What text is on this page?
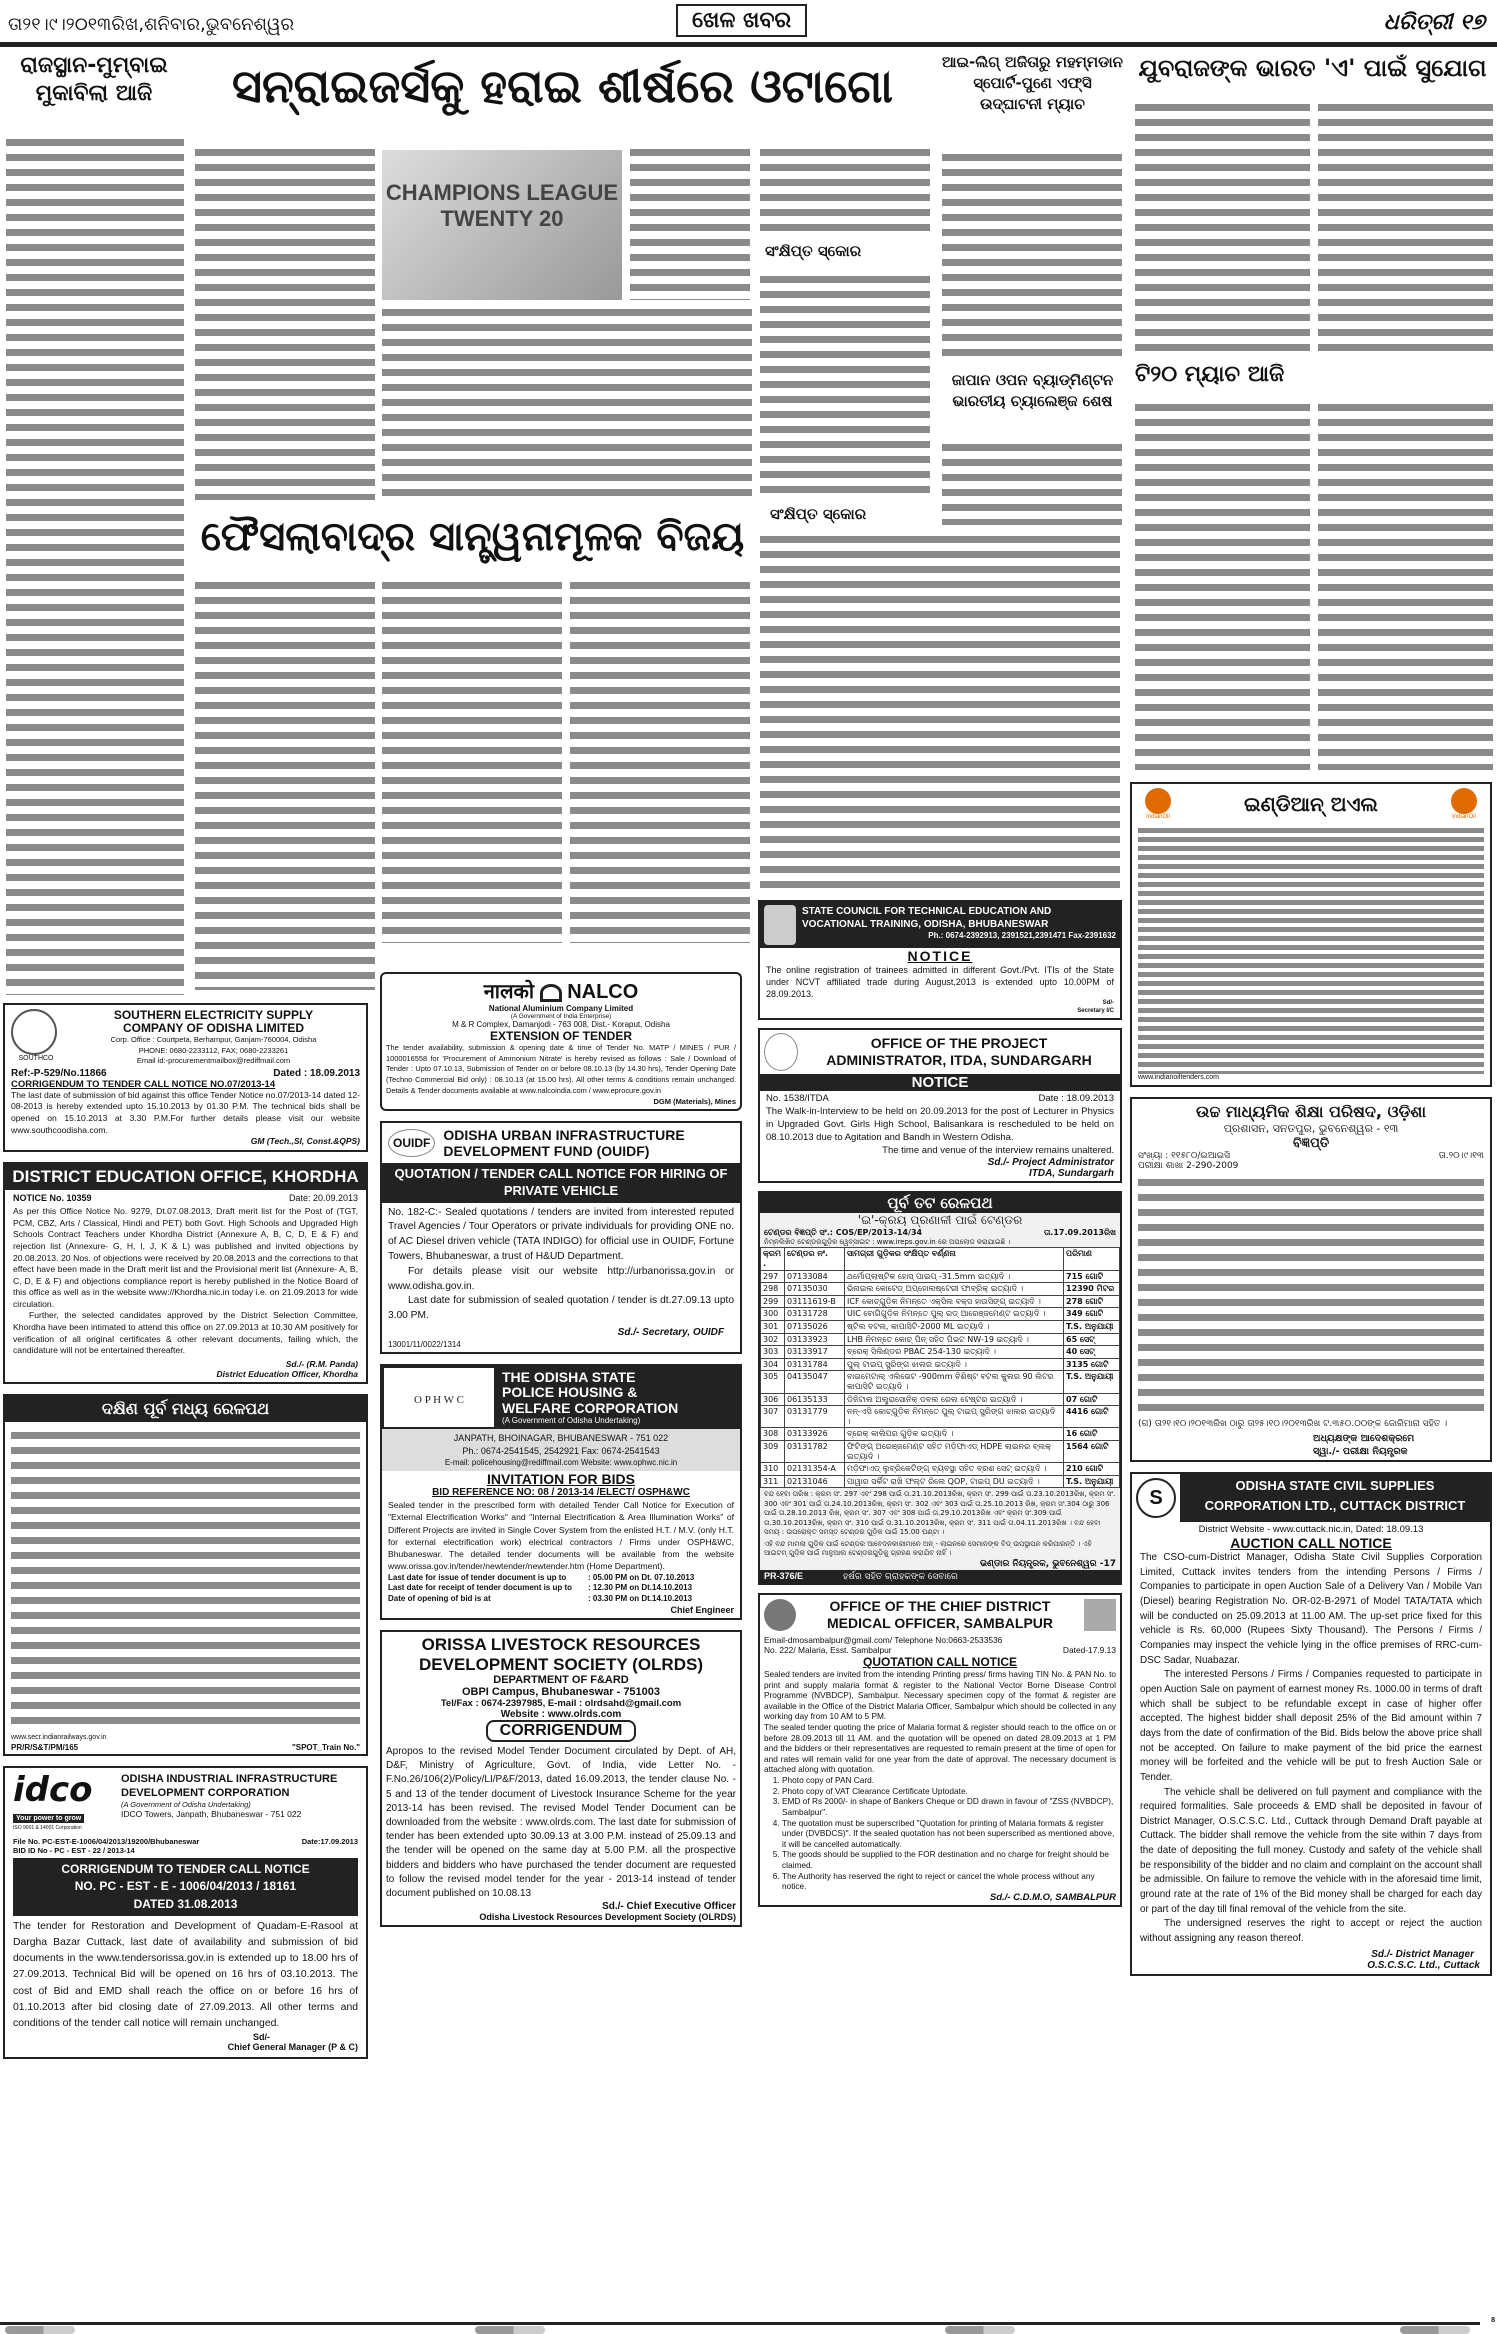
ତା୨୧।୯।୨୦୧୩ରିଖ,ଶନିବାର,ଭୁବନେଶ୍ୱର	ଖେଳ ଖବର	ଧରିତ୍ରୀ ୧୭
ରାଜସ୍ଥାନ-ମୁମ୍ବାଇ ମୁକାବିଲା ଆଜି	ସନ୍‌ରାଇଜର୍ସକୁ ହରାଇ ଶୀର୍ଷରେ ଓଟାଗୋ
CHAMPIONS LEAGUE TWENTY 20
ସଂକ୍ଷିପ୍ତ ସ୍କୋର
ଫୈସଲାବାଦ୍‌ର ସାନ୍ତ୍ୱନାମୂଳକ ବିଜୟ	ସଂକ୍ଷିପ୍ତ ସ୍କୋର
ଆଇ-ଲିଗ୍ ଅଜିତାରୁ ମହମ୍ମଡାନ ସ୍ପୋର୍ଟି-ପୁଣେ ଏଫ୍‌ସି ଉଦ୍‌ଘାଟନୀ ମ୍ୟାଚ
ଜାପାନ ଓପନ ବ୍ୟାଡ୍‌ମିଣ୍ଟନ ଭାରତୀୟ ଚ୍ୟାଲେଞ୍ଜ ଶେଷ
ଯୁବରାଜଙ୍କ ଭାରତ 'ଏ' ପାଇଁ ସୁଯୋଗ
ଟି୨୦ ମ୍ୟାଚ ଆଜି
SOUTHCO
SOUTHERN ELECTRICITY SUPPLY
COMPANY OF ODISHA LIMITED
Corp. Office : Courtpeta, Berhampur, Ganjam-760004, Odisha
PHONE: 0680-2233112, FAX; 0680-2233261
Email id:-procurementmailbox@rediffmail.com
Ref:-P-529/No.11866	Dated : 18.09.2013
CORRIGENDUM TO TENDER CALL NOTICE NO.07/2013-14
The last date of submission of bid against this office Tender Notice no.07/2013-14 dated 12-08-2013 is hereby extended upto 15.10.2013 by 01.30 P.M. The technical bids shall be opened on 15.10.2013 at 3.30 P.M.For further details please visit our website www.southcoodisha.com.
GM (Tech.,SI, Const.&QPS)
DISTRICT EDUCATION OFFICE, KHORDHA
NOTICE No. 10359	Date: 20.09.2013
As per this Office Notice No. 9279, Dt.07.08.2013, Draft merit list for the Post of (TGT, PCM, CBZ, Arts / Classical, Hindi and PET) both Govt. High Schools and Upgraded High Schools Contract Teachers under Khordha District (Annexure A, B, C, D, E & F) and rejection list (Annexure- G, H, I, J, K & L) was published and invited objections by 20.08.2013. 20 Nos. of objections were received by 20.08.2013 and the corrections to that effect have been made in the Draft merit list and the Provisional merit list (Annexure- A, B, C, D, E & F) and objections compliance report is hereby published in the Notice Board of this office as well as in the website www://Khordha.nic.in today i.e. on 21.09.2013 for wide circulation.
Further, the selected candidates approved by the District Selection Committee, Khordha have been intimated to attend this office on 27.09.2013 at 10.30 AM positively for verification of all original certificates & other relevant documents, failing which, the candidature will not be entertained thereafter.
Sd./- (R.M. Panda)
District Education Officer, Khordha
ଦକ୍ଷିଣ ପୂର୍ବ ମଧ୍ୟ ରେଳପଥ
www.secr.indianrailways.gov.in
PR/R/S&T/PM/165	"SPOT_Train No."
idco
Your power to grow
ISO 9001 & 14001 Corporation
ODISHA INDUSTRIAL INFRASTRUCTURE
DEVELOPMENT CORPORATION
(A Government of Odisha Undertaking)
IDCO Towers, Janpath, Bhubaneswar - 751 022
File No. PC-EST-E-1006/04/2013/19200/Bhubaneswar	Date:17.09.2013
BID ID No - PC - EST - 22 / 2013-14
CORRIGENDUM TO TENDER CALL NOTICE
NO. PC - EST - E - 1006/04/2013 / 18161
DATED 31.08.2013
The tender for Restoration and Development of Quadam-E-Rasool at Dargha Bazar Cuttack, last date of availability and submission of bid documents in the www.tendersorissa.gov.in is extended up to 18.00 hrs of 27.09.2013. Technical Bid will be opened on 16 hrs of 03.10.2013. The cost of Bid and EMD shall reach the office on or before 16 hrs of 01.10.2013 after bid closing date of 27.09.2013. All other terms and conditions of the tender call notice will remain unchanged.
Sd/-
Chief General Manager (P & C)
नालको NALCO
National Aluminium Company Limited
(A Government of India Enterprise)
M & R Complex, Damanjodi - 763 008, Dist.- Koraput, Odisha
EXTENSION OF TENDER
The tender availability, submission & opening date & time of Tender No. MATP / MINES / PUR / 1000016558 for 'Procurement of Ammonium Nitrate' is hereby revised as follows : Sale / Download of Tender : Upto 07.10.13, Submission of Tender on or before 08.10.13 (by 14.30 hrs), Tender Opening Date (Techno Commercial Bid only) : 08.10.13 (at 15.00 hrs). All other terms & conditions remain unchanged. Details & Tender documents available at www.nalcoindia.com / www.eprocure.gov.in
DGM (Materials), Mines
OUIDF
ODISHA URBAN INFRASTRUCTURE
DEVELOPMENT FUND (OUIDF)
QUOTATION / TENDER CALL NOTICE FOR HIRING OF PRIVATE VEHICLE
No. 182-C:- Sealed quotations / tenders are invited from interested reputed Travel Agencies / Tour Operators or private individuals for providing ONE no. of AC Diesel driven vehicle (TATA INDIGO) for official use in OUIDF, Fortune Towers, Bhubaneswar, a trust of H&UD Department.
For details please visit our website http://urbanorissa.gov.in or www.odisha.gov.in.
Last date for submission of sealed quotation / tender is dt.27.09.13 upto 3.00 PM.
Sd./- Secretary, OUIDF
13001/11/0022/1314
O P H W C
THE ODISHA STATE
POLICE HOUSING &
WELFARE CORPORATION
(A Government of Odisha Undertaking)
JANPATH, BHOINAGAR, BHUBANESWAR - 751 022
Ph.: 0674-2541545, 2542921 Fax: 0674-2541543
E-mail: policehousing@rediffmail.com Website: www.ophwc.nic.in
INVITATION FOR BIDS
BID REFERENCE NO: 08 / 2013-14 /ELECT/ OSPH&WC
Sealed tender in the prescribed form with detailed Tender Call Notice for Execution of "External Electrification Works" and "Internal Electrification & Area Illumination Works" of Different Projects are invited in Single Cover System from the enlisted H.T. / M.V. (only H.T. for external electrification work) electrical contractors / Firms under OSPH&WC, Bhubaneswar. The detailed tender documents will be available from the website www.orissa.gov.in/tender/newtender/newtender.htm (Home Department).
Last date for issue of tender document is up to	: 05.00 PM on Dt. 07.10.2013
Last date for receipt of tender document is up to	: 12.30 PM on Dt.14.10.2013
Date of opening of bid is at	: 03.30 PM on Dt.14.10.2013
Chief Engineer
ORISSA LIVESTOCK RESOURCES
DEVELOPMENT SOCIETY (OLRDS)
DEPARTMENT OF F&ARD
OBPI Campus, Bhubaneswar - 751003
Tel/Fax : 0674-2397985, E-mail : olrdsahd@gmail.com
Website : www.olrds.com
CORRIGENDUM
Apropos to the revised Model Tender Document circulated by Dept. of AH, D&F, Ministry of Agriculture, Govt. of India, vide Letter No. - F.No.26/106(2)/Policy/LI/P&F/2013, dated 16.09.2013, the tender clause No. - 5 and 13 of the tender document of Livestock Insurance Scheme for the year 2013-14 has been revised. The revised Model Tender Document can be downloaded from the website : www.olrds.com. The last date for submission of tender has been extended upto 30.09.13 at 3.00 P.M. instead of 25.09.13 and the tender will be opened on the same day at 5.00 P.M. all the prospective bidders and bidders who have purchased the tender document are requested to follow the revised model tender for the year - 2013-14 instead of tender document published on 10.08.13
Sd./- Chief Executive Officer
Odisha Livestock Resources Development Society (OLRDS)
STATE COUNCIL FOR TECHNICAL EDUCATION AND
VOCATIONAL TRAINING, ODISHA, BHUBANESWAR
Ph.: 0674-2392913, 2391521,2391471 Fax-2391632
NOTICE
The online registration of trainees admitted in different Govt./Pvt. ITIs of the State under NCVT affiliated trade during August,2013 is extended upto 10.00PM of 28.09.2013.
Sd/-
Secretary I/C
OFFICE OF THE PROJECT
ADMINISTRATOR, ITDA, SUNDARGARH
NOTICE
No. 1538/ITDA	Date : 18.09.2013
The Walk-in-Interview to be held on 20.09.2013 for the post of Lecturer in Physics in Upgraded Govt. Girls High School, Balisankara is rescheduled to be held on 08.10.2013 due to Agitation and Bandh in Western Odisha.
The time and venue of the interview remains unaltered.
Sd./- Project Administrator
ITDA, Sundargarh
ପୂର୍ବ ତଟ ରେଳପଥ
'ଇ'-କ୍ରୟ ପ୍ରଣାଳୀ ପାଇଁ ଟେଣ୍ଡର
ଟେଣ୍ଡର ବିଜ୍ଞପ୍ତି ସଂ.: COS/EP/2013-14/34	ତା.17.09.2013ରିଖ
ନିମ୍ନଲିଖିତ ଟେଣ୍ଡରଗୁଡ଼ିକ ୱେବ୍‌ସାଇଟ : www.ireps.gov.in ରେ ଅପଲୋଡ କରାଯାଇଛି ।
କ୍ରମ.	ଟେଣ୍ଡର ନଂ.	ସାମଗ୍ରୀ ଗୁଡ଼ିକର ସଂକ୍ଷିପ୍ତ ବର୍ଣ୍ଣନା	ପରିମାଣ
297	07133084	ଥର୍ମୋପ୍ଲାଷ୍ଟିକ ହୋସ୍ ପାଇପ୍ -31.5mm ଇତ୍ୟାଦି ।	715 ଗୋଟି
298	07135030	ଭିନାଇଲ କୋଟେଡ୍ ଅପ୍‌ହୋଲଷ୍ଟେରୀ ଫାବ୍ରିକ୍ ଇତ୍ୟାଦି ।	12390 ମିଟର
299	03111619-B	ICF କୋଚ୍‌ଗୁଡ଼ିକ ନିମନ୍ତେ ଏକ୍ସିଲ ବକ୍ସ ହାଉସିଙ୍ଗ୍ ଇତ୍ୟାଦି ।	278 ଗୋଟି
300	03131728	UIC ବୋଗିଗୁଡ଼ିକ ନିମନ୍ତେ ପୁଲ୍ ରଡ୍ ଆରେଞ୍ଜମେଣ୍ଟ ଇତ୍ୟାଦି ।	349 ଗୋଟି
301	07135026	ଷ୍ଟିଲ ବଟଲ, କାପାସିଟି-2000 ML ଇତ୍ୟାଦି ।	T.S. ଅନୁଯାୟୀ
302	03133923	LHB ନିମନ୍ତେ କୋଚ୍ ପିନ୍ ସହିତ ପିଭଟ NW-19 ଇତ୍ୟାଦି ।	65 ସେଟ୍
303	03133917	ବ୍ରେକ୍ ସିଲିଣ୍ଡର PBAC 254-130 ଇତ୍ୟାଦି ।	40 ସେଟ୍
304	03131784	ପୁଲ୍ ଟାଇପ୍ ସ୍ପ୍ରିଙ୍ଗ ଝାଲର ଇତ୍ୟାଦି ।	3135 ଗୋଟି
305	04135047	ବାଇମେଟାଲ୍ ଏଲିଭେଟ -900mm ବିଶିଷ୍ଟ ବଟଲ କୁଲର 90 ଲିଟର କାପାସିଟି ଇତ୍ୟାଦି ।	T.S. ଅନୁଯାୟୀ
306	06135133	ଡିଜିଟାଲ ଅଲ୍ଟ୍ରାସୋନିକ୍ ଡବଲ ରେଲ ଟେଷ୍ଟର ଇତ୍ୟାଦି ।	07 ଗୋଟି
307	03131779	ନନ୍-ଏସି କୋଚ୍‌ଗୁଡ଼ିକ ନିମନ୍ତେ ପୁଲ୍ ଟାଇପ୍ ସ୍ପ୍ରିଙ୍ଗ ଝାଲର ଇତ୍ୟାଦି ।	4416 ଗୋଟି
308	03133926	ବ୍ରେକ୍ କାଲିପର ଗୁଡ଼ିକ ଇତ୍ୟାଦି ।	16 ଗୋଟି
309	03131782	ଫିଟିଙ୍ଗ୍ ଅରେଞ୍ଜମେଣ୍ଟ ସହିତ ମଡ଼ିଫାଏଡ୍ HDPE ଲାଇନର ବ୍ଲକ୍ ଇତ୍ୟାଦି ।	1564 ଗୋଟି
310	02131354-A	ମଡ଼ିଫାଏଡ୍ ଲୁବ୍ରିକେଟିଙ୍ଗ୍ ବ୍ୟବସ୍ଥା ସହିତ ବ୍ରଶ ସେଟ୍ ଇତ୍ୟାଦି ।	210 ଗୋଟି
311	02131046	ପାୱାର ସର୍କିଟ ରାଖି ଫଲ୍ଟ ରିଲେ QOP, ଟାଇପ୍ DU ଇତ୍ୟାଦି ।	T.S. ଅନୁଯାୟୀ
ବନ୍ଦ ହେବା ତାରିଖ : କ୍ରମ ସଂ. 297 ଏବଂ 298 ପାଇଁ ତା.21.10.2013ରିଖ, କ୍ରମ ସଂ. 299 ପାଇଁ ତା.23.10.2013ରିଖ, କ୍ରମ ସଂ. 300 ଏବଂ 301 ପାଇଁ ତା.24.10.2013ରିଖ, କ୍ରମ ସଂ. 302 ଏବଂ 303 ପାଇଁ ତା.25.10.2013 ରିଖ, କ୍ରମ ସଂ.304 ଠାରୁ 306 ପାଇଁ ତା.28.10.2013 ରିଖ, କ୍ରମ ସଂ. 307 ଏବଂ 308 ପାଇଁ ତା.29.10.2013ରିଖ ଏବଂ କ୍ରମ ସଂ.309 ପାଇଁ ତା.30.10.2013ରିଖ, କ୍ରମ ସଂ. 310 ପାଇଁ ତା.31.10.2013ରିଖ, କ୍ରମ ସଂ. 311 ପାଇଁ ତା.04.11.2013ରିଖ । ବନ୍ଦ ହେବା ସମୟ : ଉପରୋକ୍ତ ସମସ୍ତ ଟେଣ୍ଡର ଗୁଡ଼ିକ ପାଇଁ 15.00 ଘଣ୍ଟା ।
ଏହି ବନ୍ଦ ମାମଲା ଗୁଡ଼ିକ ପାଇଁ ଟେଣ୍ଡର ଆବେଦନକାରୀମାନେ ଅନ୍ - ଲାଇନରେ ସେମାନଙ୍କ ବିଡ୍ ଉପସ୍ଥାପନ କରିପାରନ୍ତି । ଏହି ଆଇଟମ୍ ଗୁଡ଼ିକ ପାଇଁ ମାନୁଆଲ ଟେଣ୍ଡରଗୁଡ଼ିକୁ ଗ୍ରହଣ କରାଯିବ ନାହିଁ ।
ଭଣ୍ଡାର ନିୟନ୍ତ୍ରକ, ଭୁବନେଶ୍ୱର -17
PR-376/E	ହର୍ଷର ସହିତ ଗ୍ରାହକଙ୍କ ସେବାରେ
OFFICE OF THE CHIEF DISTRICT
MEDICAL OFFICER, SAMBALPUR
Email-dmosambalpur@gmail.com/ Telephone No:0663-2533536
No. 222/ Malaria, Esst. Sambalpur	Dated-17.9.13
QUOTATION CALL NOTICE
Sealed tenders are invited from the intending Printing press/ firms having TIN No. & PAN No. to print and supply malaria format & register to the National Vector Borne Disease Control Programme (NVBDCP), Sambalpur. Necessary specimen copy of the format & register are available in the Office of the District Malaria Officer, Sambalpur which should be collected in any working day from 10 AM to 5 PM.
The sealed tender quoting the price of Malaria format & register should reach to the office on or before 28.09.2013 till 11 AM. and the quotation will be opened on dated 28.09.2013 at 1 PM and the bidders or their representatives are requested to remain present at the time of open for and rates will remain valid for one year from the date of approval. The necessary document is attached along with quotation.
1. Photo copy of PAN Card.
2. Photo copy of VAT Clearance Certificate Uptodate.
3. EMD of Rs 2000/- in shape of Bankers Cheque or DD drawn in favour of "ZSS (NVBDCP), Sambalpur".
4. The quotation must be superscribed "Quotation for printing of Malaria formats & register under (DVBDCS)". If the sealed quotation has not been superscribed as mentioned above, it will be cancelled automatically.
5. The goods should be supplied to the FOR destination and no charge for freight should be claimed.
6. The Authority has reserved the right to reject or cancel the whole process without any notice.
Sd./- C.D.M.O, SAMBALPUR
IndianOil
ଇଣ୍ଡିଆନ୍ ଅଏଲ
IndianOil
www.indianoiltenders.com
ଉଚ୍ଚ ମାଧ୍ୟମିକ ଶିକ୍ଷା ପରିଷଦ, ଓଡ଼ିଶା
ପ୍ରଶାସନ, ସନତପୁର, ଭୁବନେଶ୍ୱର - ୧୩
ବିଜ୍ଞପ୍ତି
ସଂଖ୍ୟା : ୧୧୫୮୦/ଇଆଇସି	ତା.୨୦।୯।୧୩
ପରୀକ୍ଷା ଶାଖା 2-290-2009
(ଗ) ତା୨୧।୧୦।୨୦୧୩ରିଖ ଠାରୁ ତା୨୫।୧୦।୨୦୧୩ରିଖ ଟ.୩୫୦.୦୦ଙ୍କ ଜୋରିମାନା ସହିତ ।
ଅଧ୍ୟକ୍ଷଙ୍କ ଆଦେଶକ୍ରମେ
ସ୍ୱା./- ପରୀକ୍ଷା ନିୟନ୍ତ୍ରକ
S
ODISHA STATE CIVIL SUPPLIES
CORPORATION LTD., CUTTACK DISTRICT
District Website - www.cuttack.nic.in, Dated: 18.09.13
AUCTION CALL NOTICE
The CSO-cum-District Manager, Odisha State Civil Supplies Corporation Limited, Cuttack invites tenders from the intending Persons / Firms / Companies to participate in open Auction Sale of a Delivery Van / Mobile Van (Diesel) bearing Registration No. OR-02-B-2971 of Model TATA/TATA which will be conducted on 25.09.2013 at 11.00 AM. The up-set price fixed for this vehicle is Rs. 60,000 (Rupees Sixty Thousand). The Persons / Firms / Companies may inspect the vehicle lying in the office premises of RRC-cum-DSC Sadar, Nuabazar.
The interested Persons / Firms / Companies requested to participate in open Auction Sale on payment of earnest money Rs. 1000.00 in terms of draft which shall be subject to be refundable except in case of higher offer accepted. The highest bidder shall deposit 25% of the Bid amount within 7 days from the date of confirmation of the Bid. Bids below the above price shall not be accepted. On failure to make payment of the bid price the earnest money will be forfeited and the vehicle will be put to fresh Auction Sale or Tender.
The vehicle shall be delivered on full payment and compliance with the required formalities. Sale proceeds & EMD shall be deposited in favour of District Manager, O.S.C.S.C. Ltd., Cuttack through Demand Draft payable at Cuttack. The bidder shall remove the vehicle from the site within 7 days from the date of depositing the full money. Custody and safety of the vehicle shall be responsibility of the bidder and no claim and complaint on the account shall be admissible. On failure to remove the vehicle with in the aforesaid time limit, ground rate at the rate of 1% of the Bid money shall be charged for each day or part of the day till final removal of the vehicle from the site.
The undersigned reserves the right to accept or reject the auction without assigning any reason thereof.
Sd./- District Manager
O.S.C.S.C. Ltd., Cuttack
8
